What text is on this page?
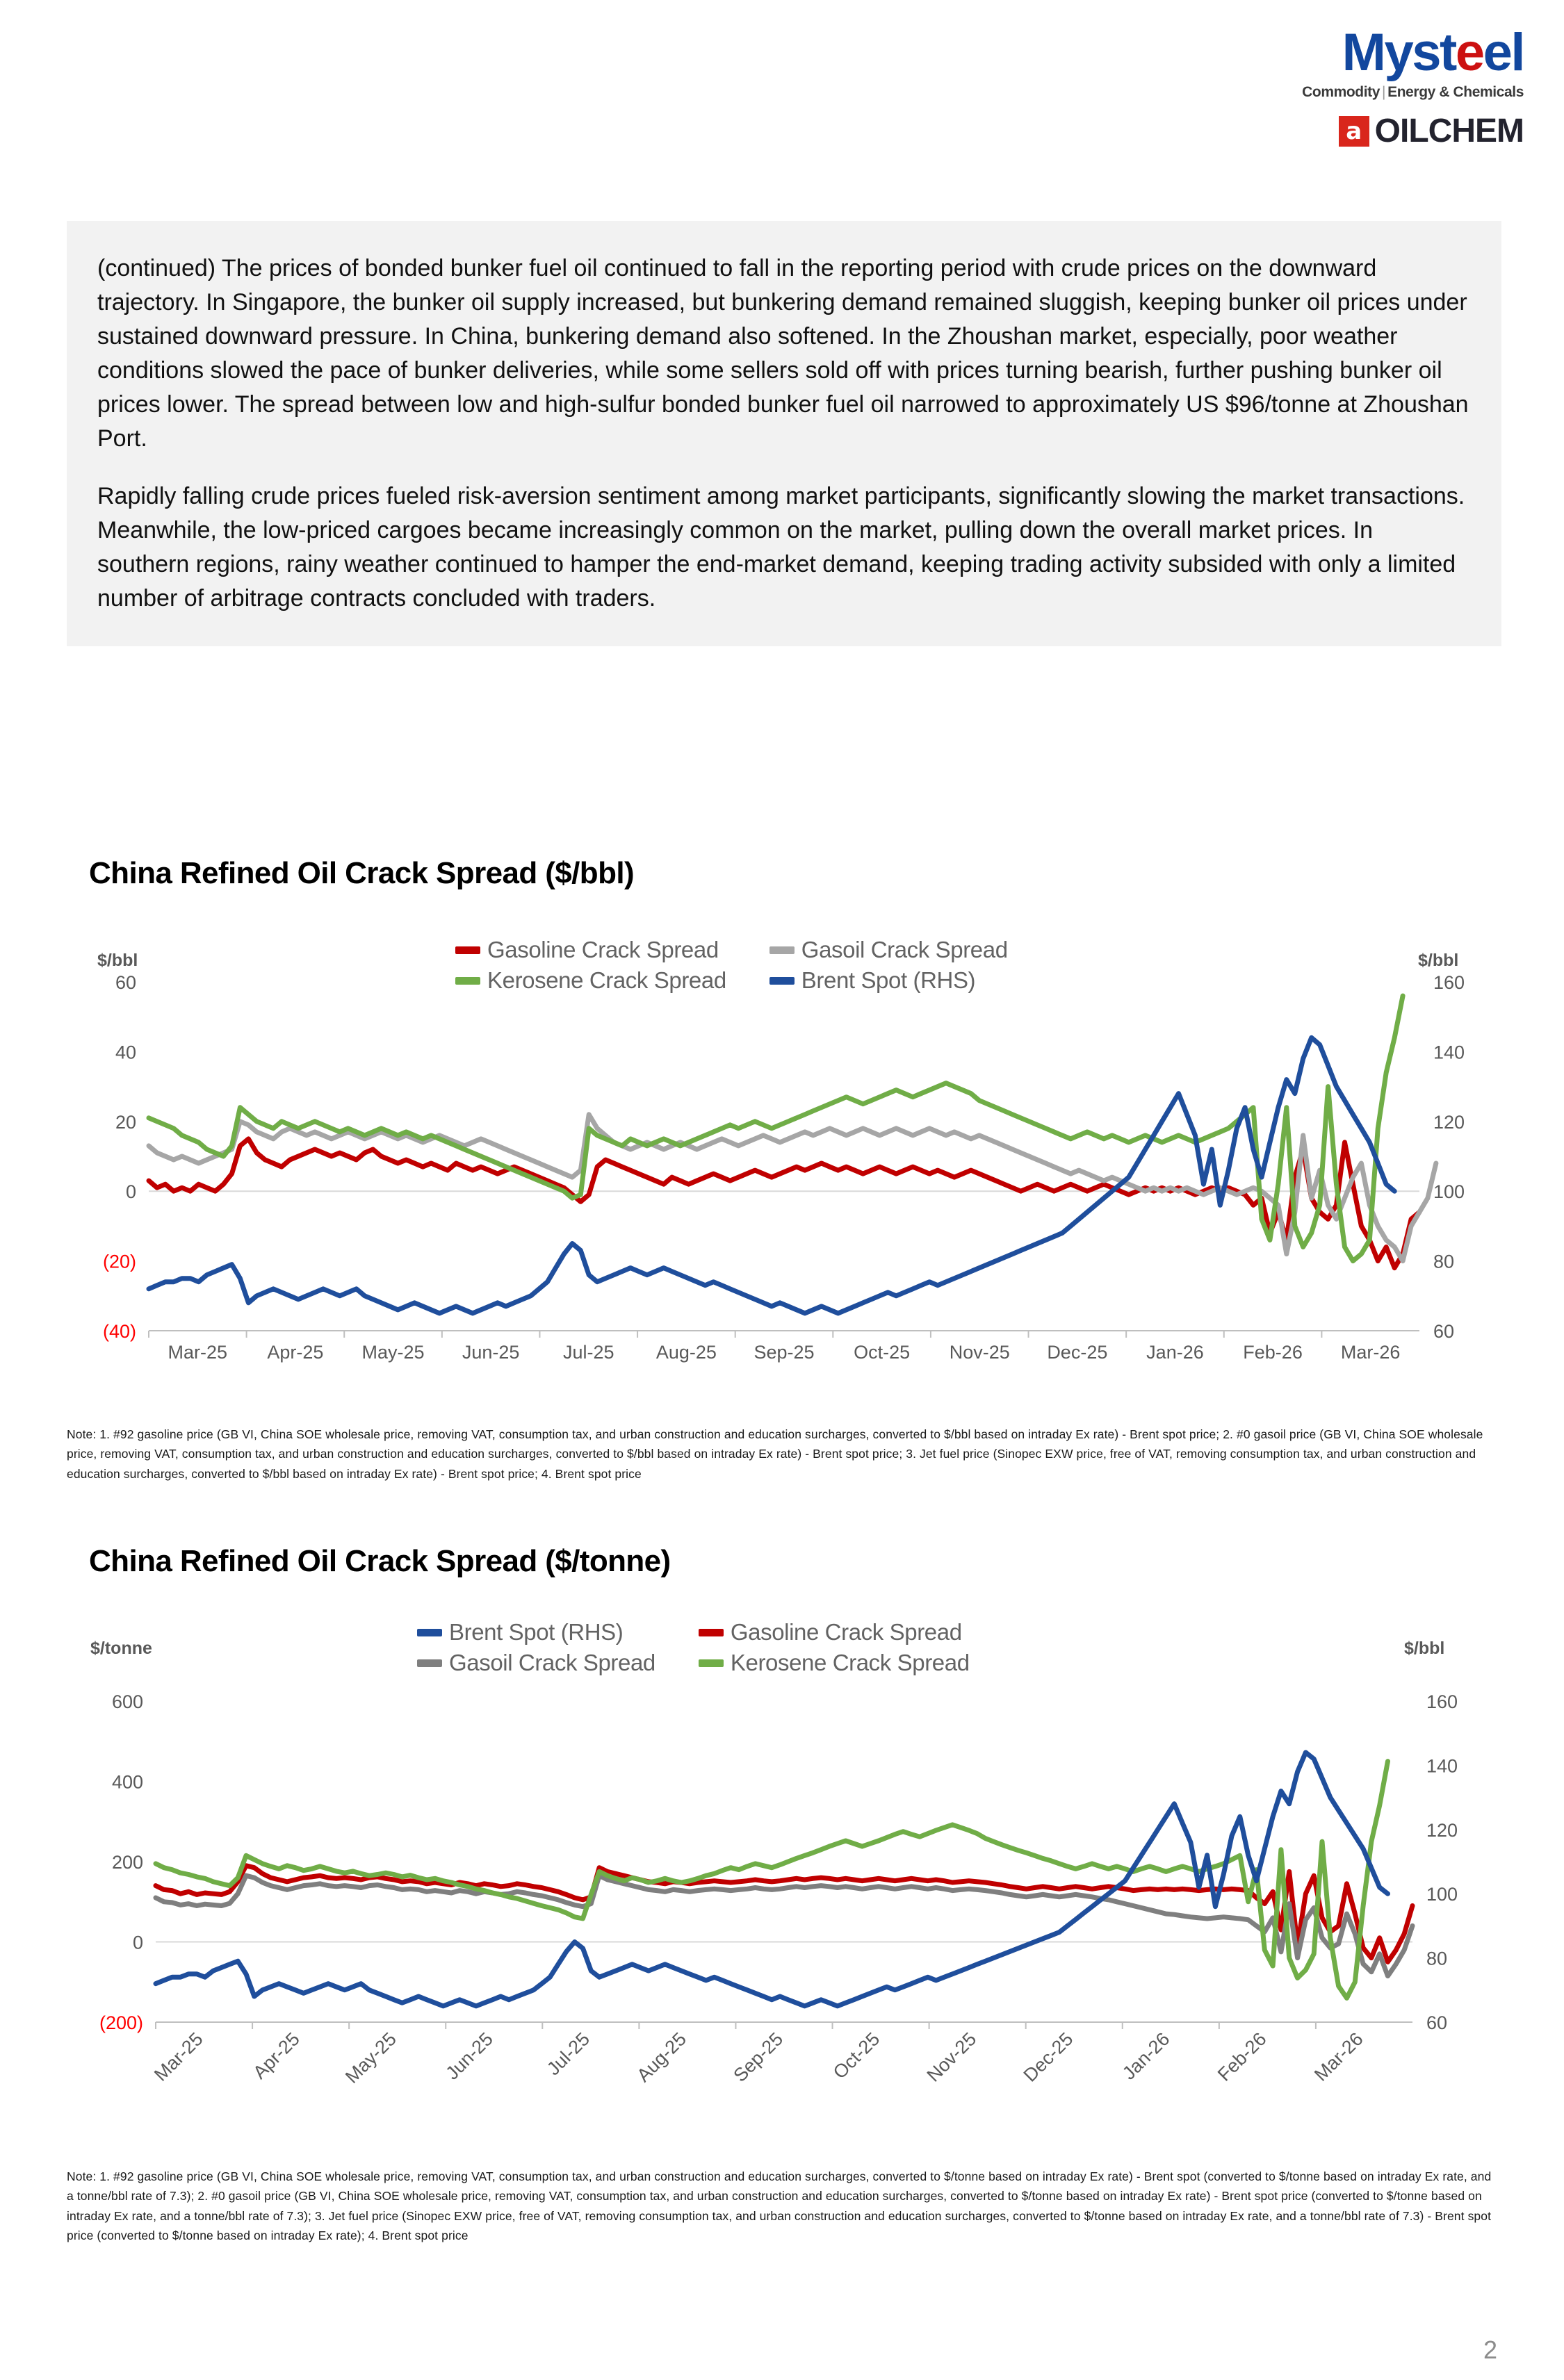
Mysteel
Commodity | Energy & Chemicals
a OILCHEM

(continued) The prices of bonded bunker fuel oil continued to fall in the reporting period with crude prices on the downward trajectory. In Singapore, the bunker oil supply increased, but bunkering demand remained sluggish, keeping bunker oil prices under sustained downward pressure. In China, bunkering demand also softened. In the Zhoushan market, especially, poor weather conditions slowed the pace of bunker deliveries, while some sellers sold off with prices turning bearish, further pushing bunker oil prices lower. The spread between low and high-sulfur bonded bunker fuel oil narrowed to approximately US $96/tonne at Zhoushan Port.

Rapidly falling crude prices fueled risk-aversion sentiment among market participants, significantly slowing the market transactions. Meanwhile, the low-priced cargoes became increasingly common on the market, pulling down the overall market prices. In southern regions, rainy weather continued to hamper the end-market demand, keeping trading activity subsided with only a limited number of arbitrage contracts concluded with traders.

China Refined Oil Crack Spread ($/bbl)
$/bbl	$/bbl
Gasoline Crack Spread	Gasoil Crack Spread
Kerosene Crack Spread	Brent Spot (RHS)
(40)
(20)
0
20
40
60
60
80
100
120
140
160
Mar-25 Apr-25 May-25 Jun-25 Jul-25 Aug-25 Sep-25 Oct-25 Nov-25 Dec-25 Jan-26 Feb-26 Mar-26
Note: 1. #92 gasoline price (GB VI, China SOE wholesale price, removing VAT, consumption tax, and urban construction and education surcharges, converted to $/bbl based on intraday Ex rate) - Brent spot price; 2. #0 gasoil price (GB VI, China SOE wholesale price, removing VAT, consumption tax, and urban construction and education surcharges, converted to $/bbl based on intraday Ex rate) - Brent spot price; 3. Jet fuel price (Sinopec EXW price, free of VAT, removing consumption tax, and urban construction and education surcharges, converted to $/bbl based on intraday Ex rate) - Brent spot price; 4. Brent spot price
China Refined Oil Crack Spread ($/tonne)
$/tonne	$/bbl
Brent Spot (RHS)	Gasoline Crack Spread
Gasoil Crack Spread	Kerosene Crack Spread
(200)
0
200
400
600
60
80
100
120
140
160
Mar-25 Apr-25 May-25 Jun-25 Jul-25 Aug-25 Sep-25 Oct-25 Nov-25 Dec-25 Jan-26 Feb-26 Mar-26
Note: 1. #92 gasoline price (GB VI, China SOE wholesale price, removing VAT, consumption tax, and urban construction and education surcharges, converted to $/tonne based on intraday Ex rate) - Brent spot (converted to $/tonne based on intraday Ex rate, and a tonne/bbl rate of 7.3); 2. #0 gasoil price (GB VI, China SOE wholesale price, removing VAT, consumption tax, and urban construction and education surcharges, converted to $/tonne based on intraday Ex rate) - Brent spot price (converted to $/tonne based on intraday Ex rate, and a tonne/bbl rate of 7.3); 3. Jet fuel price (Sinopec EXW price, free of VAT, removing consumption tax, and urban construction and education surcharges, converted to $/tonne based on intraday Ex rate, and a tonne/bbl rate of 7.3) - Brent spot price (converted to $/tonne based on intraday Ex rate); 4. Brent spot price
2
